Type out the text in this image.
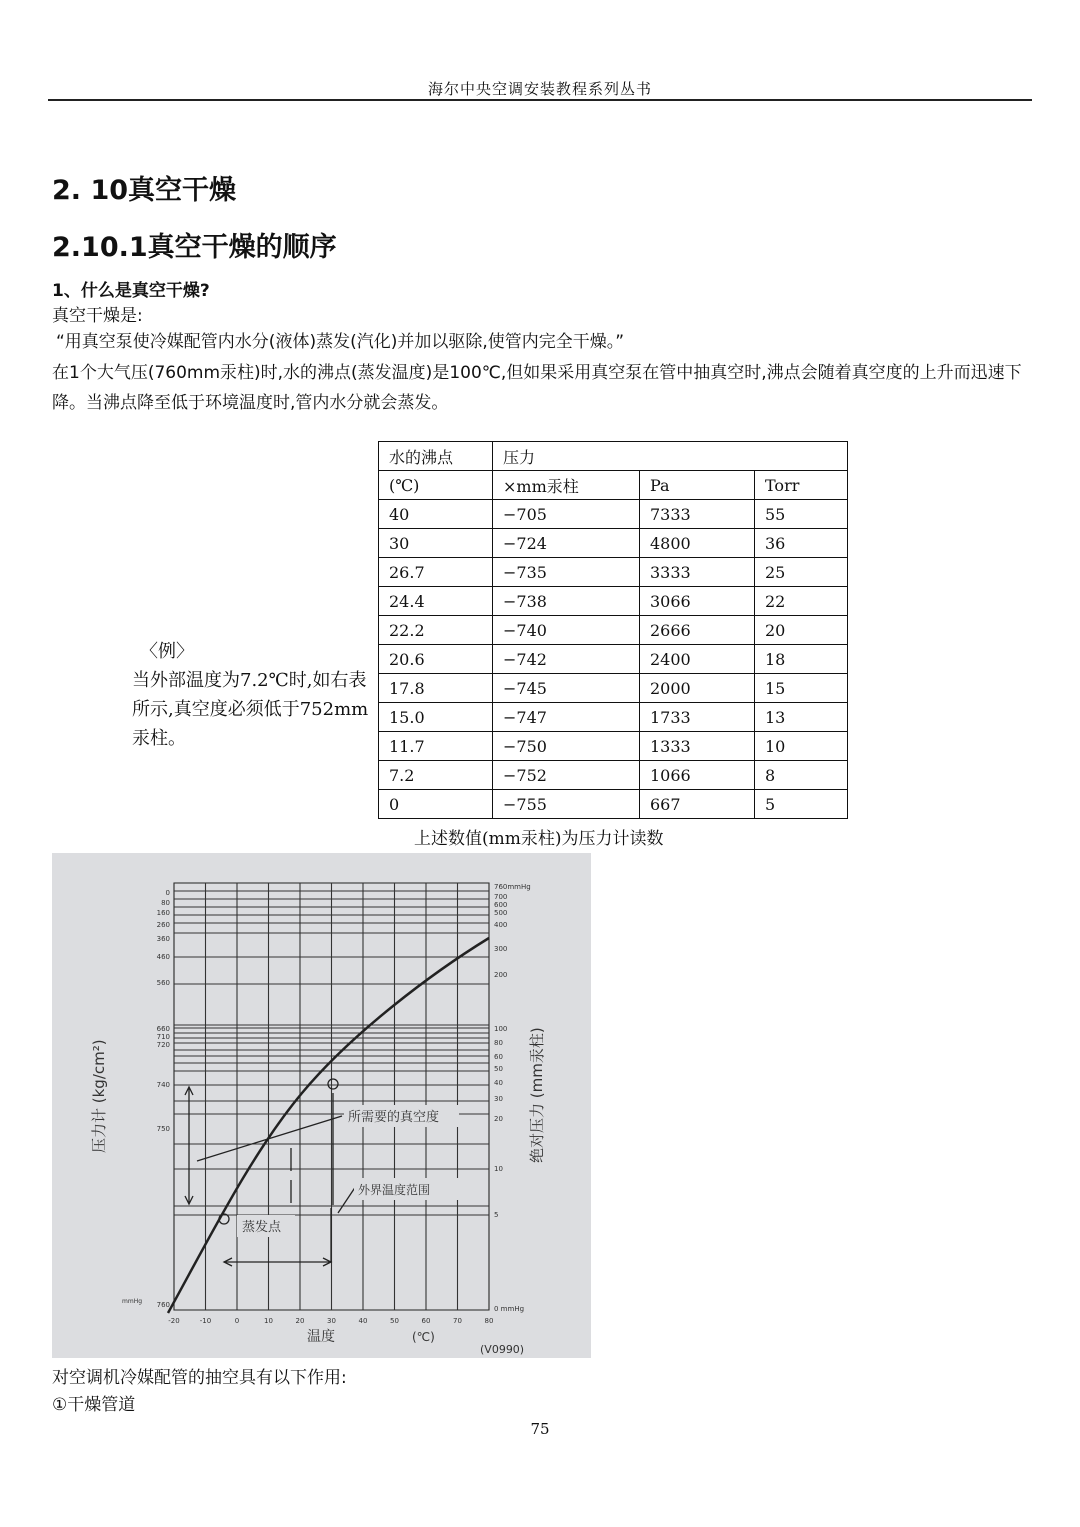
海尔中央空调安装教程系列丛书
2. 10真空干燥
2.10.1真空干燥的顺序
1、什么是真空干燥?
真空干燥是:
“用真空泵使冷媒配管内水分(液体)蒸发(汽化)并加以驱除,使管内完全干燥。”
在1个大气压(760mm汞柱)时,水的沸点(蒸发温度)是100℃,但如果采用真空泵在管中抽真空时,沸点会随着真空度的上升而迅速下降。当沸点降至低于环境温度时,管内水分就会蒸发。
水的沸点	压力		
(℃)	×mm汞柱	Pa	Torr
40	−705	7333	55
30	−724	4800	36
26.7	−735	3333	25
24.4	−738	3066	22
22.2	−740	2666	20
20.6	−742	2400	18
17.8	−745	2000	15
15.0	−747	1733	13
11.7	−750	1333	10
7.2	−752	1066	8
0	−755	667	5
〈例〉
当外部温度为7.2℃时,如右表所示,真空度必须低于752mm汞柱。
上述数值(mm汞柱)为压力计读数
所需要的真空度
外界温度范围
蒸发点
0
80
160
260
360
460
560
660
710
720
740
750
760
700
600
500
400
300
200
100
80
60
50
40
30
20
10
5
760mmHg
0 mmHg
mmHg
-20	-10	0	10	20	30	40	50	60	70	80
温度	(℃)
(V0990)
压力计 (kg/cm²)	绝对压力 (mm汞柱)
对空调机冷媒配管的抽空具有以下作用:
①干燥管道
75
